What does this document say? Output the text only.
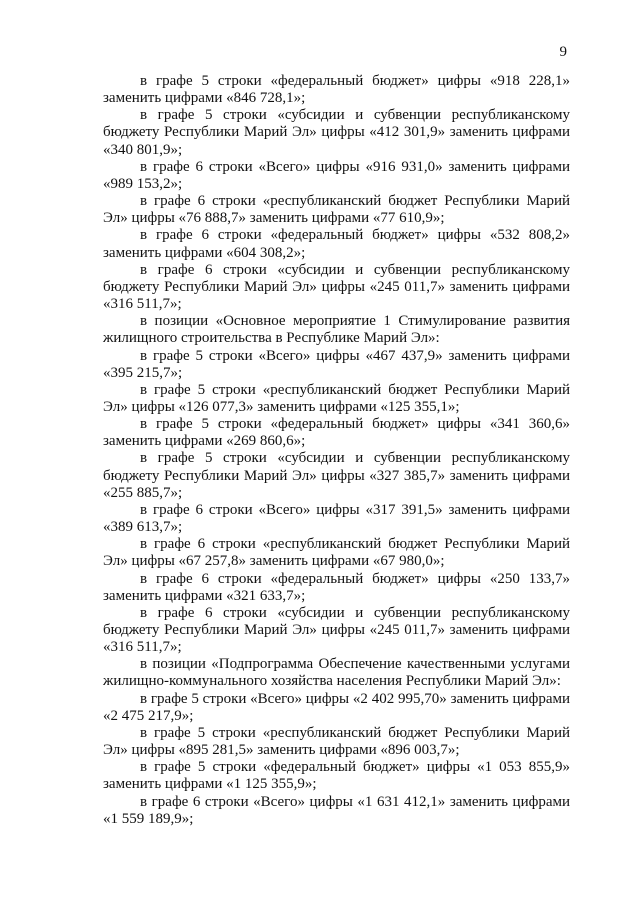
9

в графе 5 строки «федеральный бюджет» цифры «918 228,1» заменить цифрами «846 728,1»;

в графе 5 строки «субсидии и субвенции республиканскому бюджету Республики Марий Эл» цифры «412 301,9» заменить цифрами «340 801,9»;

в графе 6 строки «Всего» цифры «916 931,0» заменить цифрами «989 153,2»;

в графе 6 строки «республиканский бюджет Республики Марий Эл» цифры «76 888,7» заменить цифрами «77 610,9»;

в графе 6 строки «федеральный бюджет» цифры «532 808,2» заменить цифрами «604 308,2»;

в графе 6 строки «субсидии и субвенции республиканскому бюджету Республики Марий Эл» цифры «245 011,7» заменить цифрами «316 511,7»;

в позиции «Основное мероприятие 1 Стимулирование развития жилищного строительства в Республике Марий Эл»:

в графе 5 строки «Всего» цифры «467 437,9» заменить цифрами «395 215,7»;

в графе 5 строки «республиканский бюджет Республики Марий Эл» цифры «126 077,3» заменить цифрами «125 355,1»;

в графе 5 строки «федеральный бюджет» цифры «341 360,6» заменить цифрами «269 860,6»;

в графе 5 строки «субсидии и субвенции республиканскому бюджету Республики Марий Эл» цифры «327 385,7» заменить цифрами «255 885,7»;

в графе 6 строки «Всего» цифры «317 391,5» заменить цифрами «389 613,7»;

в графе 6 строки «республиканский бюджет Республики Марий Эл» цифры «67 257,8» заменить цифрами «67 980,0»;

в графе 6 строки «федеральный бюджет» цифры «250 133,7» заменить цифрами «321 633,7»;

в графе 6 строки «субсидии и субвенции республиканскому бюджету Республики Марий Эл» цифры «245 011,7» заменить цифрами «316 511,7»;

в позиции «Подпрограмма Обеспечение качественными услугами жилищно-коммунального хозяйства населения Республики Марий Эл»:

в графе 5 строки «Всего» цифры «2 402 995,70» заменить цифрами «2 475 217,9»;

в графе 5 строки «республиканский бюджет Республики Марий Эл» цифры «895 281,5» заменить цифрами «896 003,7»;

в графе 5 строки «федеральный бюджет» цифры «1 053 855,9» заменить цифрами «1 125 355,9»;

в графе 6 строки «Всего» цифры «1 631 412,1» заменить цифрами «1 559 189,9»;
